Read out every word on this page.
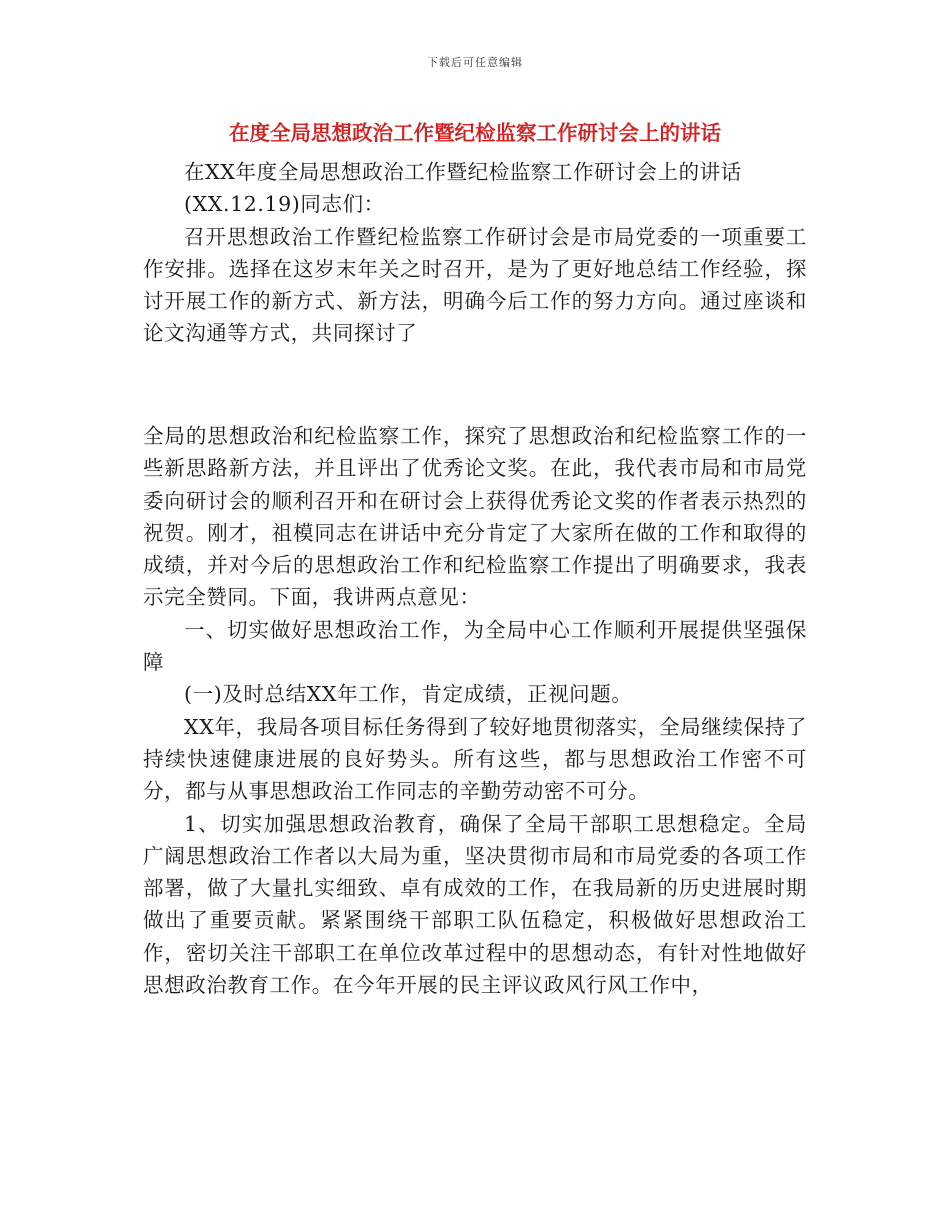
下载后可任意编辑
在度全局思想政治工作暨纪检监察工作研讨会上的讲话

在XX年度全局思想政治工作暨纪检监察工作研讨会上的讲话

(XX.12.19)同志们：

召开思想政治工作暨纪检监察工作研讨会是市局党委的一项重要工作安排。选择在这岁末年关之时召开，是为了更好地总结工作经验，探讨开展工作的新方式、新方法，明确今后工作的努力方向。通过座谈和论文沟通等方式，共同探讨了

全局的思想政治和纪检监察工作，探究了思想政治和纪检监察工作的一些新思路新方法，并且评出了优秀论文奖。在此，我代表市局和市局党委向研讨会的顺利召开和在研讨会上获得优秀论文奖的作者表示热烈的祝贺。刚才，祖模同志在讲话中充分肯定了大家所在做的工作和取得的成绩，并对今后的思想政治工作和纪检监察工作提出了明确要求，我表示完全赞同。下面，我讲两点意见：

一、切实做好思想政治工作，为全局中心工作顺利开展提供坚强保障

(一)及时总结XX年工作，肯定成绩，正视问题。

XX年，我局各项目标任务得到了较好地贯彻落实，全局继续保持了持续快速健康进展的良好势头。所有这些，都与思想政治工作密不可分，都与从事思想政治工作同志的辛勤劳动密不可分。

1、切实加强思想政治教育，确保了全局干部职工思想稳定。全局广阔思想政治工作者以大局为重，坚决贯彻市局和市局党委的各项工作部署，做了大量扎实细致、卓有成效的工作，在我局新的历史进展时期做出了重要贡献。紧紧围绕干部职工队伍稳定，积极做好思想政治工作，密切关注干部职工在单位改革过程中的思想动态，有针对性地做好思想政治教育工作。在今年开展的民主评议政风行风工作中，
